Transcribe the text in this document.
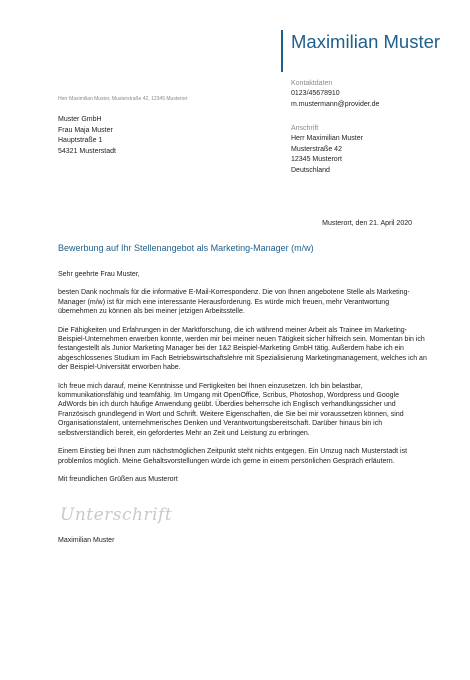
Maximilian Muster
Kontaktdaten
0123/45678910
m.mustermann@provider.de
Anschrift
Herr Maximilian Muster
Musterstraße 42
12345 Musterort
Deutschland
Herr Maximilian Muster, Musterstraße 42, 12345 Musterort
Muster GmbH
Frau Maja Muster
Hauptstraße 1
54321 Musterstadt
Musterort, den 21. April 2020
Bewerbung auf Ihr Stellenangebot als Marketing-Manager (m/w)

Sehr geehrte Frau Muster,

besten Dank nochmals für die informative E-Mail-Korrespondenz. Die von Ihnen angebotene Stelle als Marketing-Manager (m/w) ist für mich eine interessante Herausforderung. Es würde mich freuen, mehr Verantwortung übernehmen zu können als bei meiner jetzigen Arbeitsstelle.

Die Fähigkeiten und Erfahrungen in der Marktforschung, die ich während meiner Arbeit als Trainee im Marketing-Beispiel-Unternehmen erwerben konnte, werden mir bei meiner neuen Tätigkeit sicher hilfreich sein. Momentan bin ich festangestellt als Junior Marketing Manager bei der 1&2 Beispiel-Marketing GmbH tätig. Außerdem habe ich ein abgeschlossenes Studium im Fach Betriebswirtschaftslehre mit Spezialisierung Marketingmanagement, welches ich an der Beispiel-Universität erworben habe.

Ich freue mich darauf, meine Kenntnisse und Fertigkeiten bei Ihnen einzusetzen. Ich bin belastbar, kommunikationsfähig und teamfähig. Im Umgang mit OpenOffice, Scribus, Photoshop, Wordpress und Google AdWords bin ich durch häufige Anwendung geübt. Überdies beherrsche ich Englisch verhandlungssicher und Französisch grundlegend in Wort und Schrift. Weitere Eigenschaften, die Sie bei mir voraussetzen können, sind Organisationstalent, unternehmerisches Denken und Verantwortungsbereitschaft. Darüber hinaus bin ich selbstverständlich bereit, ein gefordertes Mehr an Zeit und Leistung zu erbringen.

Einem Einstieg bei Ihnen zum nächstmöglichen Zeitpunkt steht nichts entgegen. Ein Umzug nach Musterstadt ist problemlos möglich. Meine Gehaltsvorstellungen würde ich gerne in einem persönlichen Gespräch erläutern.

Mit freundlichen Grüßen aus Musterort

Unterschrift
Maximilian Muster
